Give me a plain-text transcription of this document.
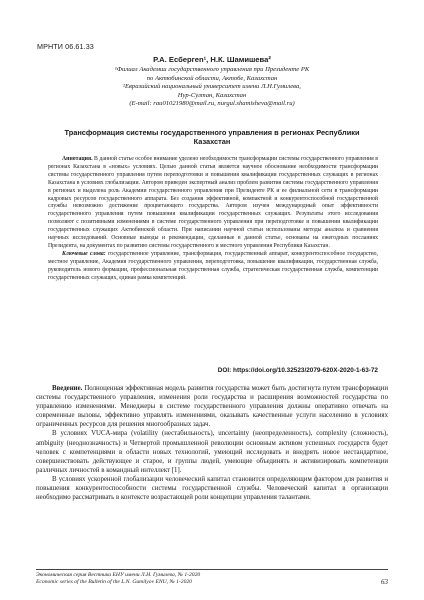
МРНТИ 06.61.33
Р.А. Есбергеn¹, Н.К. Шамишева²
¹Филиал Академии государственного управления при Президенте РК
по Актюбинской области, Актобе, Казахстан
²Евразийский национальный университет имени Л.Н.Гумилева,
Нур-Султан, Казахстан
(E-mail: rau01021980@mail.ru, nurgul.shamisheva@mail.ru)
Трансформация системы государственного управления в регионах Республики
Казахстан

Аннотация. В данной статье особое внимание уделено необходимости трансформации системы государственного управления в регионах Казахстана в «новых» условиях. Целью данной статьи является научное обоснование необходимости трансформации системы государственного управления путем переподготовки и повышения квалификации государственных служащих в регионах Казахстана в условиях глобализации. Автором приведен экспертный анализ проблем развития системы государственного управления в регионах и выделена роль Академии государственного управления при Президенте РК и ее филиальной сети в трансформации кадровых ресурсов государственного аппарата. Без создания эффективной, компактной и конкурентоспособной государственной службы невозможно достижение процветающего государства. Автором изучен международный опыт эффективности государственного управления путем повышения квалификации государственных служащих. Результаты этого исследования позволяют с позитивными изменениями в системе государственного управления при переподготовке и повышении квалификации государственных служащих Актюбинской области. При написании научной статьи использованы методы анализа и сравнения научных исследований. Основные выводы и рекомендации, сделанные в данной статье, основаны на ежегодных посланиях Президента, на документах по развитию системы государственного и местного управления Республики Казахстан.

Ключевые слова: государственное управление, трансформация, государственный аппарат, конкурентоспособное государство, местное управление, Академия государственного управления, переподготовка, повышение квалификации, государственная служба, руководитель нового формации, профессиональная государственная служба, стратегическая государственная служба, компетенции государственных служащих, единая рамка компетенций.

DOI: https://doi.org/10.32523/2079-620X-2020-1-63-72

Введение. Полноценная эффективная модель развития государства может быть достигнута путем трансформации системы государственного управления, изменения роли государства и расширения возможностей государства по управлению изменениями. Менеджеры в системе государственного управления должны оперативно отвечать на современные вызовы, эффективно управлять изменениями, оказывать качественные услуги населению в условиях ограниченных ресурсов для решения многообразных задач.

В условиях VUCA-мира (volatility (нестабильность), uncertainty (неопределенность), complexity (сложность), ambiguity (неоднозначность) и Четвертой промышленной революции основным активом успешных государств будет человек с компетенциями в области новых технологий, умеющий исследовать и внедрять новое нестандартное, совершенствовать действующее и старое, и группы людей, умеющие объединять и активизировать компетенции различных личностей в командный интеллект [1].

В условиях ускоренной глобализации человеческий капитал становится определяющим фактором для развития и повышения конкурентоспособности системы государственной службы. Человеческий капитал в организации необходимо рассматривать в контексте возрастающей роли концепции управления талантами.

Экономическая серия Вестника ЕНУ имени Л.Н. Гумилева, № 1-2020
Economic series of the Bulletin of the L.N. Gumilyov ENU, № 1-2020	63
